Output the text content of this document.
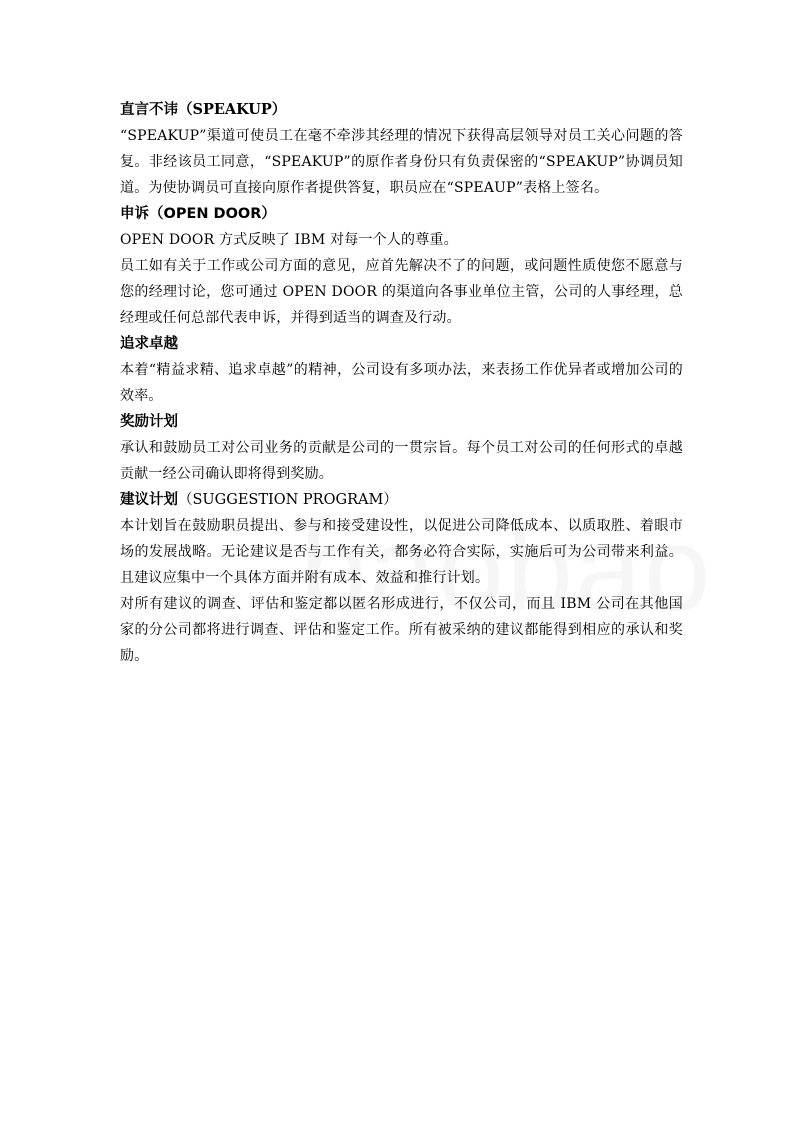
直言不讳（SPEAKUP）

“SPEAKUP”渠道可使员工在毫不牵涉其经理的情况下获得高层领导对员工关心问题的答复。非经该员工同意，“SPEAKUP”的原作者身份只有负责保密的“SPEAKUP”协调员知道。为使协调员可直接向原作者提供答复，职员应在“SPEAUP”表格上签名。

申诉（OPEN DOOR）

OPEN DOOR 方式反映了 IBM 对每一个人的尊重。

员工如有关于工作或公司方面的意见，应首先解决不了的问题，或问题性质使您不愿意与您的经理讨论，您可通过 OPEN DOOR 的渠道向各事业单位主管，公司的人事经理，总经理或任何总部代表申诉，并得到适当的调查及行动。

追求卓越

本着“精益求精、追求卓越”的精神，公司设有多项办法，来表扬工作优异者或增加公司的效率。

奖励计划

承认和鼓励员工对公司业务的贡献是公司的一贯宗旨。每个员工对公司的任何形式的卓越贡献一经公司确认即将得到奖励。

建议计划（SUGGESTION PROGRAM）

本计划旨在鼓励职员提出、参与和接受建设性，以促进公司降低成本、以质取胜、着眼市场的发展战略。无论建议是否与工作有关，都务必符合实际，实施后可为公司带来利益。且建议应集中一个具体方面并附有成本、效益和推行计划。

对所有建议的调查、评估和鉴定都以匿名形成进行，不仅公司，而且 IBM 公司在其他国家的分公司都将进行调查、评估和鉴定工作。所有被采纳的建议都能得到相应的承认和奖励。
